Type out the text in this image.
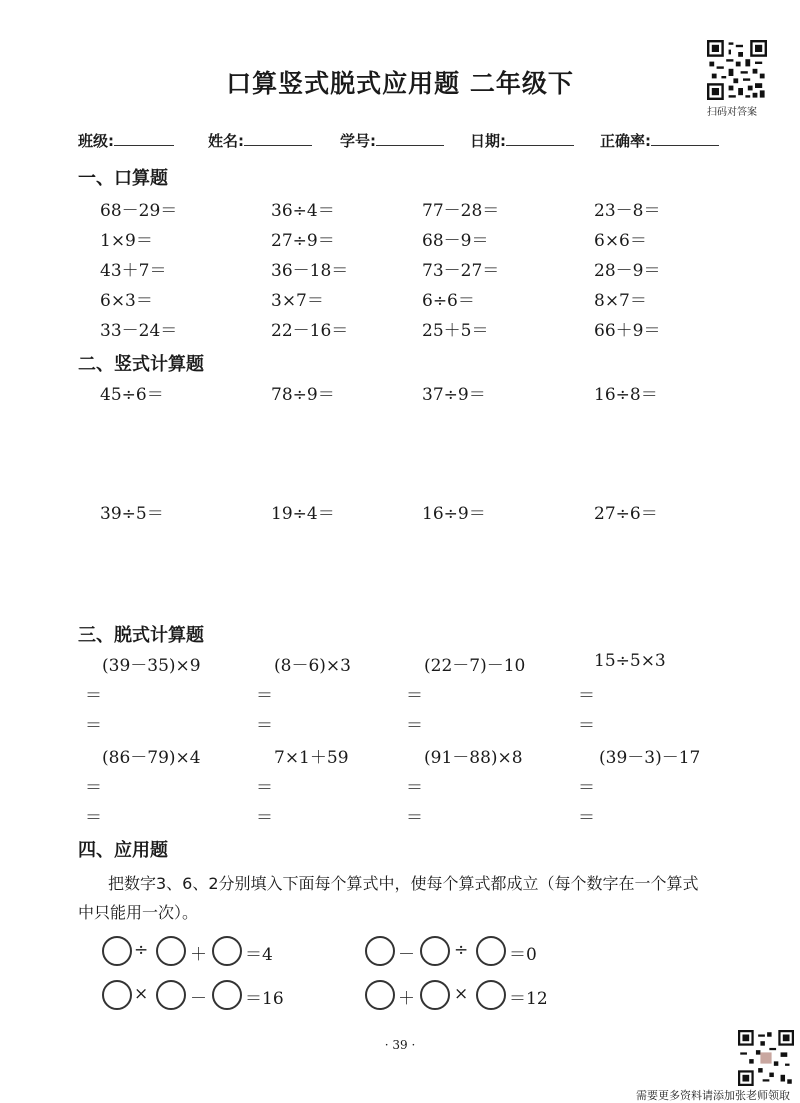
口算竖式脱式应用题 二年级下
扫码对答案
班级:	姓名:	学号:	日期:	正确率:
一、口算题
68－29＝	36÷4＝	77－28＝	23－8＝
1×9＝	27÷9＝	68－9＝	6×6＝
43＋7＝	36－18＝	73－27＝	28－9＝
6×3＝	3×7＝	6÷6＝	8×7＝
33－24＝	22－16＝	25＋5＝	66＋9＝
二、竖式计算题
45÷6＝	78÷9＝	37÷9＝	16÷8＝
39÷5＝	19÷4＝	16÷9＝	27÷6＝
三、脱式计算题
(39－35)×9	(8－6)×3	(22－7)－10	15÷5×3
＝	＝	＝	＝
＝	＝	＝	＝
(86－79)×4	7×1＋59	(91－88)×8	(39－3)－17
＝	＝	＝	＝
＝	＝	＝	＝
四、应用题
把数字3、6、2分别填入下面每个算式中，使每个算式都成立（每个数字在一个算式
中只能用一次）。
÷ ＋ ＝4	－ ÷ ＝0
× － ＝16	＋ × ＝12
· 39 ·
需要更多资料请添加张老师领取
